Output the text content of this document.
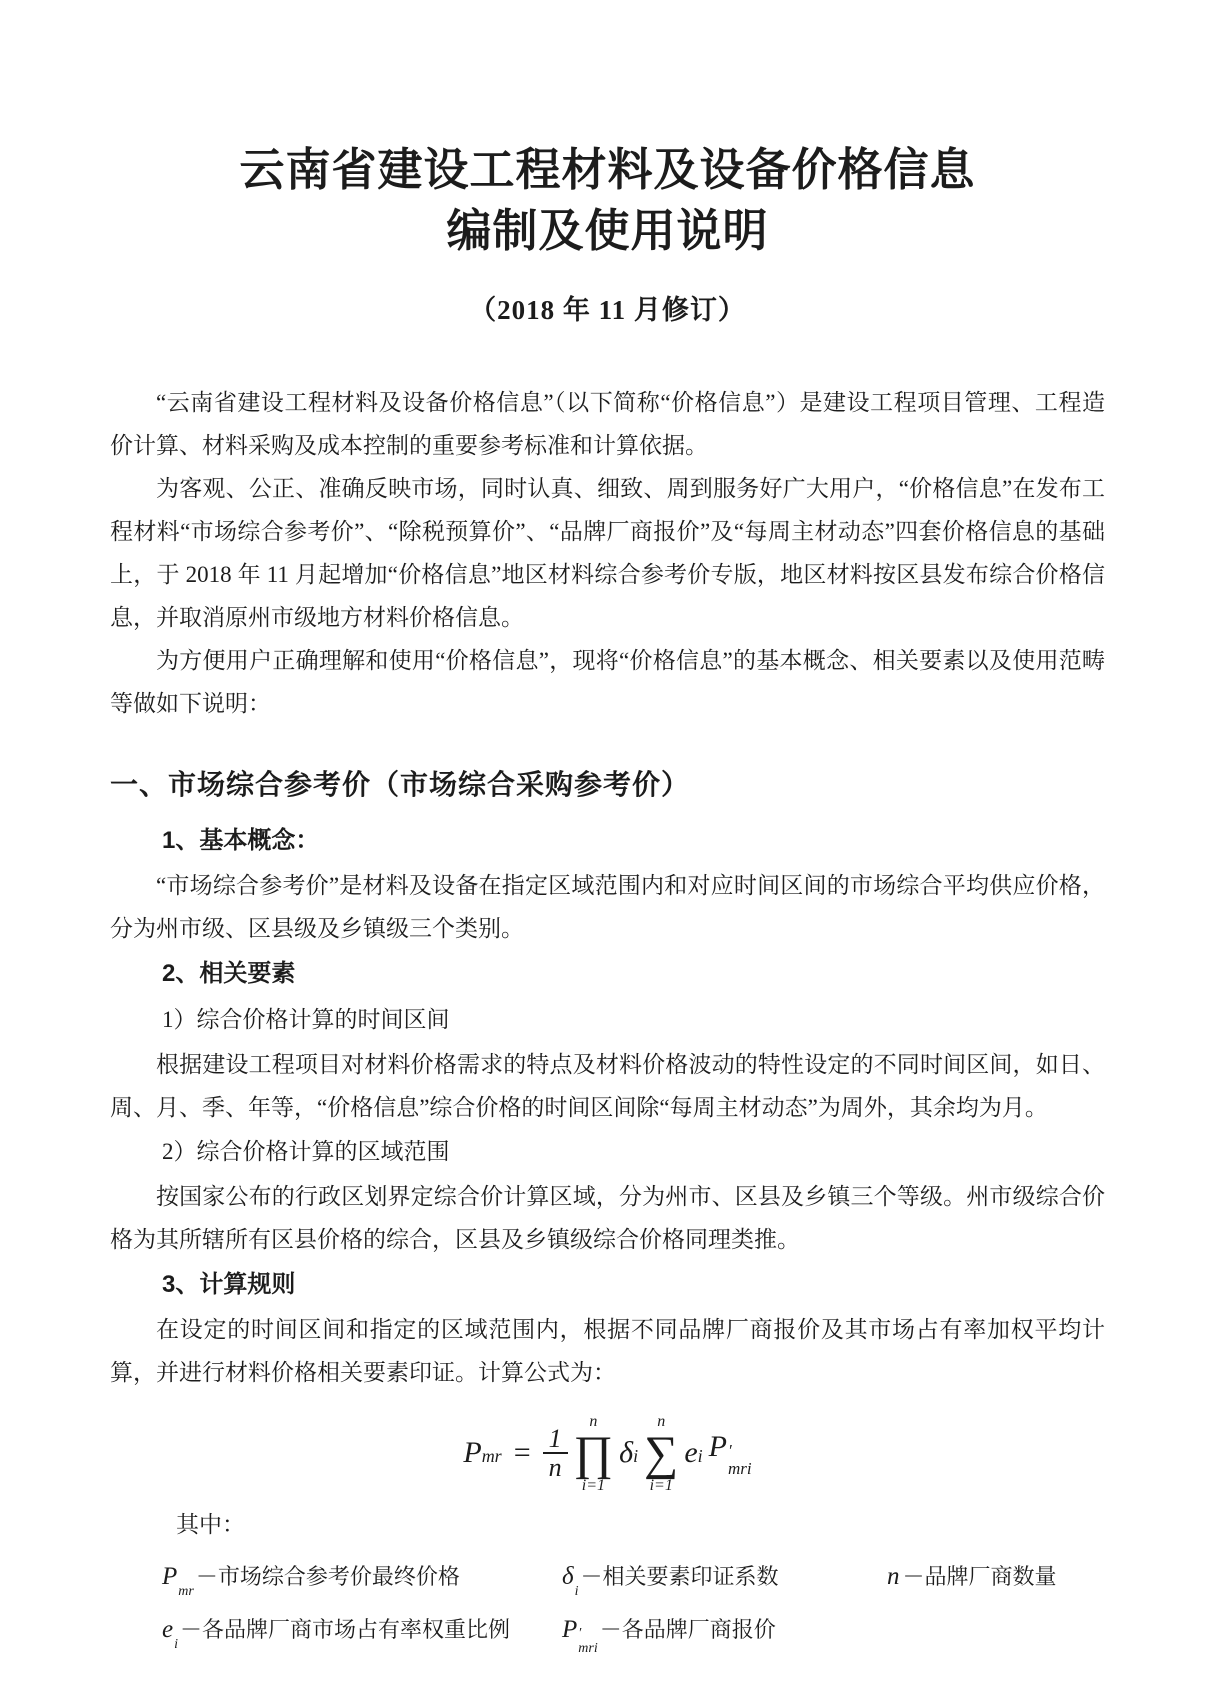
云南省建设工程材料及设备价格信息
编制及使用说明
（2018 年 11 月修订）

“云南省建设工程材料及设备价格信息”（以下简称“价格信息”）是建设工程项目管理、工程造价计算、材料采购及成本控制的重要参考标准和计算依据。

为客观、公正、准确反映市场，同时认真、细致、周到服务好广大用户，“价格信息”在发布工程材料“市场综合参考价”、“除税预算价”、“品牌厂商报价”及“每周主材动态”四套价格信息的基础上，于 2018 年 11 月起增加“价格信息”地区材料综合参考价专版，地区材料按区县发布综合价格信息，并取消原州市级地方材料价格信息。

为方便用户正确理解和使用“价格信息”，现将“价格信息”的基本概念、相关要素以及使用范畴等做如下说明：

一、市场综合参考价（市场综合采购参考价）
1、基本概念：

“市场综合参考价”是材料及设备在指定区域范围内和对应时间区间的市场综合平均供应价格，分为州市级、区县级及乡镇级三个类别。

2、相关要素
1）综合价格计算的时间区间

根据建设工程项目对材料价格需求的特点及材料价格波动的特性设定的不同时间区间，如日、周、月、季、年等，“价格信息”综合价格的时间区间除“每周主材动态”为周外，其余均为月。

2）综合价格计算的区域范围

按国家公布的行政区划界定综合价计算区域，分为州市、区县及乡镇三个等级。州市级综合价格为其所辖所有区县价格的综合，区县及乡镇级综合价格同理类推。

3、计算规则

在设定的时间区间和指定的区域范围内，根据不同品牌厂商报价及其市场占有率加权平均计算，并进行材料价格相关要素印证。计算公式为：

P mr = $\frac{1}{n}$
n
∏
i=1
δ i
n
∑
i=1
e i P ′
mri
其中：
P
mr
－市场综合参考价最终价格	δ
i
－相关要素印证系数	n －品牌厂商数量
e
i
－各品牌厂商市场占有率权重比例 P ′
mri
－各品牌厂商报价
